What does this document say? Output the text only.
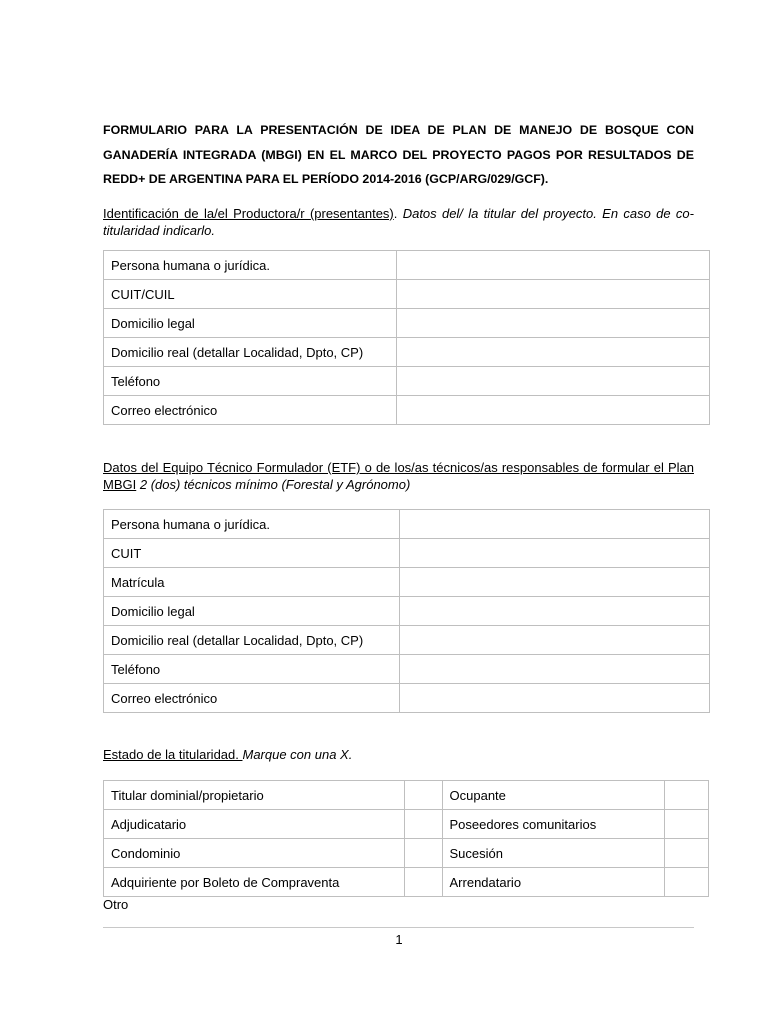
FORMULARIO PARA LA PRESENTACIÓN DE IDEA DE PLAN DE MANEJO DE BOSQUE CON GANADERÍA INTEGRADA (MBGI) EN EL MARCO DEL PROYECTO PAGOS POR RESULTADOS DE REDD+ DE ARGENTINA PARA EL PERÍODO 2014-2016 (GCP/ARG/029/GCF).

Identificación de la/el Productora/r (presentantes). Datos del/ la titular del proyecto. En caso de co-titularidad indicarlo.

Persona humana o jurídica.	
CUIT/CUIL	
Domicilio legal	
Domicilio real (detallar Localidad, Dpto, CP)	
Teléfono	
Correo electrónico	

Datos del Equipo Técnico Formulador (ETF) o de los/as técnicos/as responsables de formular el Plan MBGI 2 (dos) técnicos mínimo (Forestal y Agrónomo)

Persona humana o jurídica.	
CUIT	
Matrícula	
Domicilio legal	
Domicilio real (detallar Localidad, Dpto, CP)	
Teléfono	
Correo electrónico	

Estado de la titularidad. Marque con una X.

Titular dominial/propietario		Ocupante	
Adjudicatario		Poseedores comunitarios	
Condominio		Sucesión	
Adquiriente por Boleto de Compraventa		Arrendatario	
Otro
1
